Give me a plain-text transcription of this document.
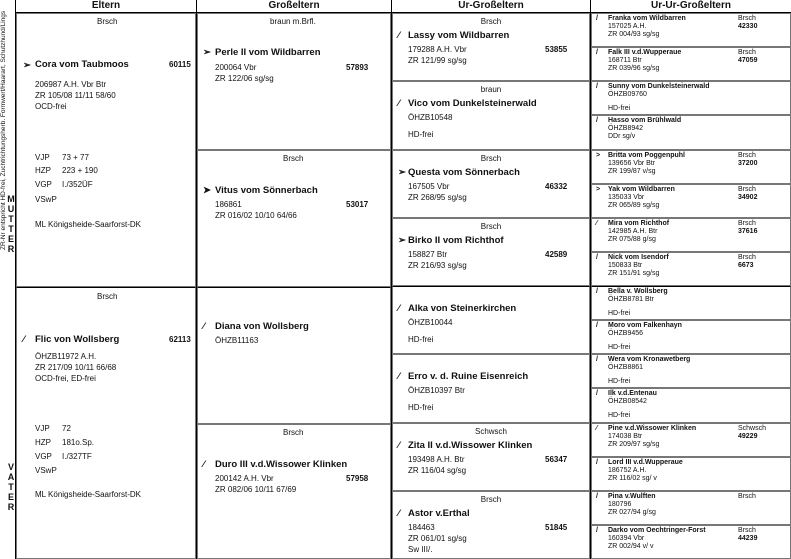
ZR-Nr entspricht HD-frei, Zuchtrichtungsherb. Formwert/Haarart, Schutzhund/Lings M
U
T
T
E
R
V
A
T
E
R
Eltern	Großeltern	Ur-Großeltern	Ur-Ur-Großeltern
Brsch
➢ Cora vom Taubmoos	60115
206987 A.H. Vbr Btr
ZR 105/08 11/11 58/60
OCD-frei
VJP 73 + 77
HZP 223 + 190
VGP I./352ÜF
VSwP
ML Königsheide-Saarforst-DK
Brsch
⁄ Flic von Wollsberg	62113
ÖHZB11972 A.H.
ZR 217/09 10/11 66/68
OCD-frei, ED-frei
VJP 72
HZP 181o.Sp.
VGP I./327TF
VSwP
ML Königsheide-Saarforst-DK
braun m.Brfl.
➢ Perle II vom Wildbarren
200064 Vbr	57893
ZR 122/06 sg/sg
Brsch
➤ Vitus vom Sönnerbach
186861	53017
ZR 016/02 10/10 64/66
⁄ Diana von Wollsberg
ÖHZB11163
Brsch
⁄ Duro III v.d.Wissower Klinken
200142 A.H. Vbr	57958
ZR 082/06 10/11 67/69
Brsch
⁄ Lassy vom Wildbarren
179288 A.H. Vbr	53855
ZR 121/99 sg/sg
braun
⁄ Vico vom Dunkelsteinerwald
ÖHZB10548
HD-frei
Brsch
➢ Questa vom Sönnerbach
167505 Vbr	46332
ZR 268/95 sg/sg
Brsch
➢ Birko II vom Richthof
158827 Btr	42589
ZR 216/93 sg/sg
⁄ Alka von Steinerkirchen
ÖHZB10044
HD-frei
⁄ Erro v. d. Ruine Eisenreich
ÖHZB10397 Btr
HD-frei
Schwsch
⁄ Zita II v.d.Wissower Klinken
193498 A.H. Btr	56347
ZR 116/04 sg/sg
Brsch
⁄ Astor v.Erthal
184463	51845
ZR 061/01 sg/sg
Sw III/.
/ Franka vom Wildbarren	Brsch
157025 A.H.	42330
ZR 004/93 sg/sg
/ Falk III v.d.Wupperaue	Brsch
168711 Btr	47059
ZR 039/96 sg/sg
/ Sunny vom Dunkelsteinerwald
ÖHZB09760
HD-frei
/ Hasso vom Brühlwald
ÖHZB8942
DDr sg/v
> Britta vom Poggenpuhl	Brsch
139656 Vbr Btr	37200
ZR 199/87 v/sg
> Yak vom Wildbarren	Brsch
135033 Vbr	34902
ZR 065/89 sg/sg
⁄ Mira vom Richthof	Brsch
142985 A.H. Btr	37616
ZR 075/88 g/sg
/ Nick vom Isendorf	Brsch
150833 Btr	6673
ZR 151/91 sg/sg
/ Bella v. Wollsberg
ÖHZB8781 Btr
HD-frei
/ Moro vom Falkenhayn
ÖHZB9456
HD-frei
/ Wera vom Kronawetberg
ÖHZB8861
HD-frei
/ Ilk v.d.Entenau
ÖHZB08542
HD-frei
⁄ Pine v.d.Wissower Klinken	Schwsch
174038 Btr	49229
ZR 209/97 sg/sg
/ Lord III v.d.Wupperaue
186752 A.H.
ZR 116/02 sg/ v
/ Pina v.Wulften	Brsch
180796
ZR 027/94 g/sg
/ Darko vom Oechtringer-Forst	Brsch
160394 Vbr	44239
ZR 002/94 v/ v
